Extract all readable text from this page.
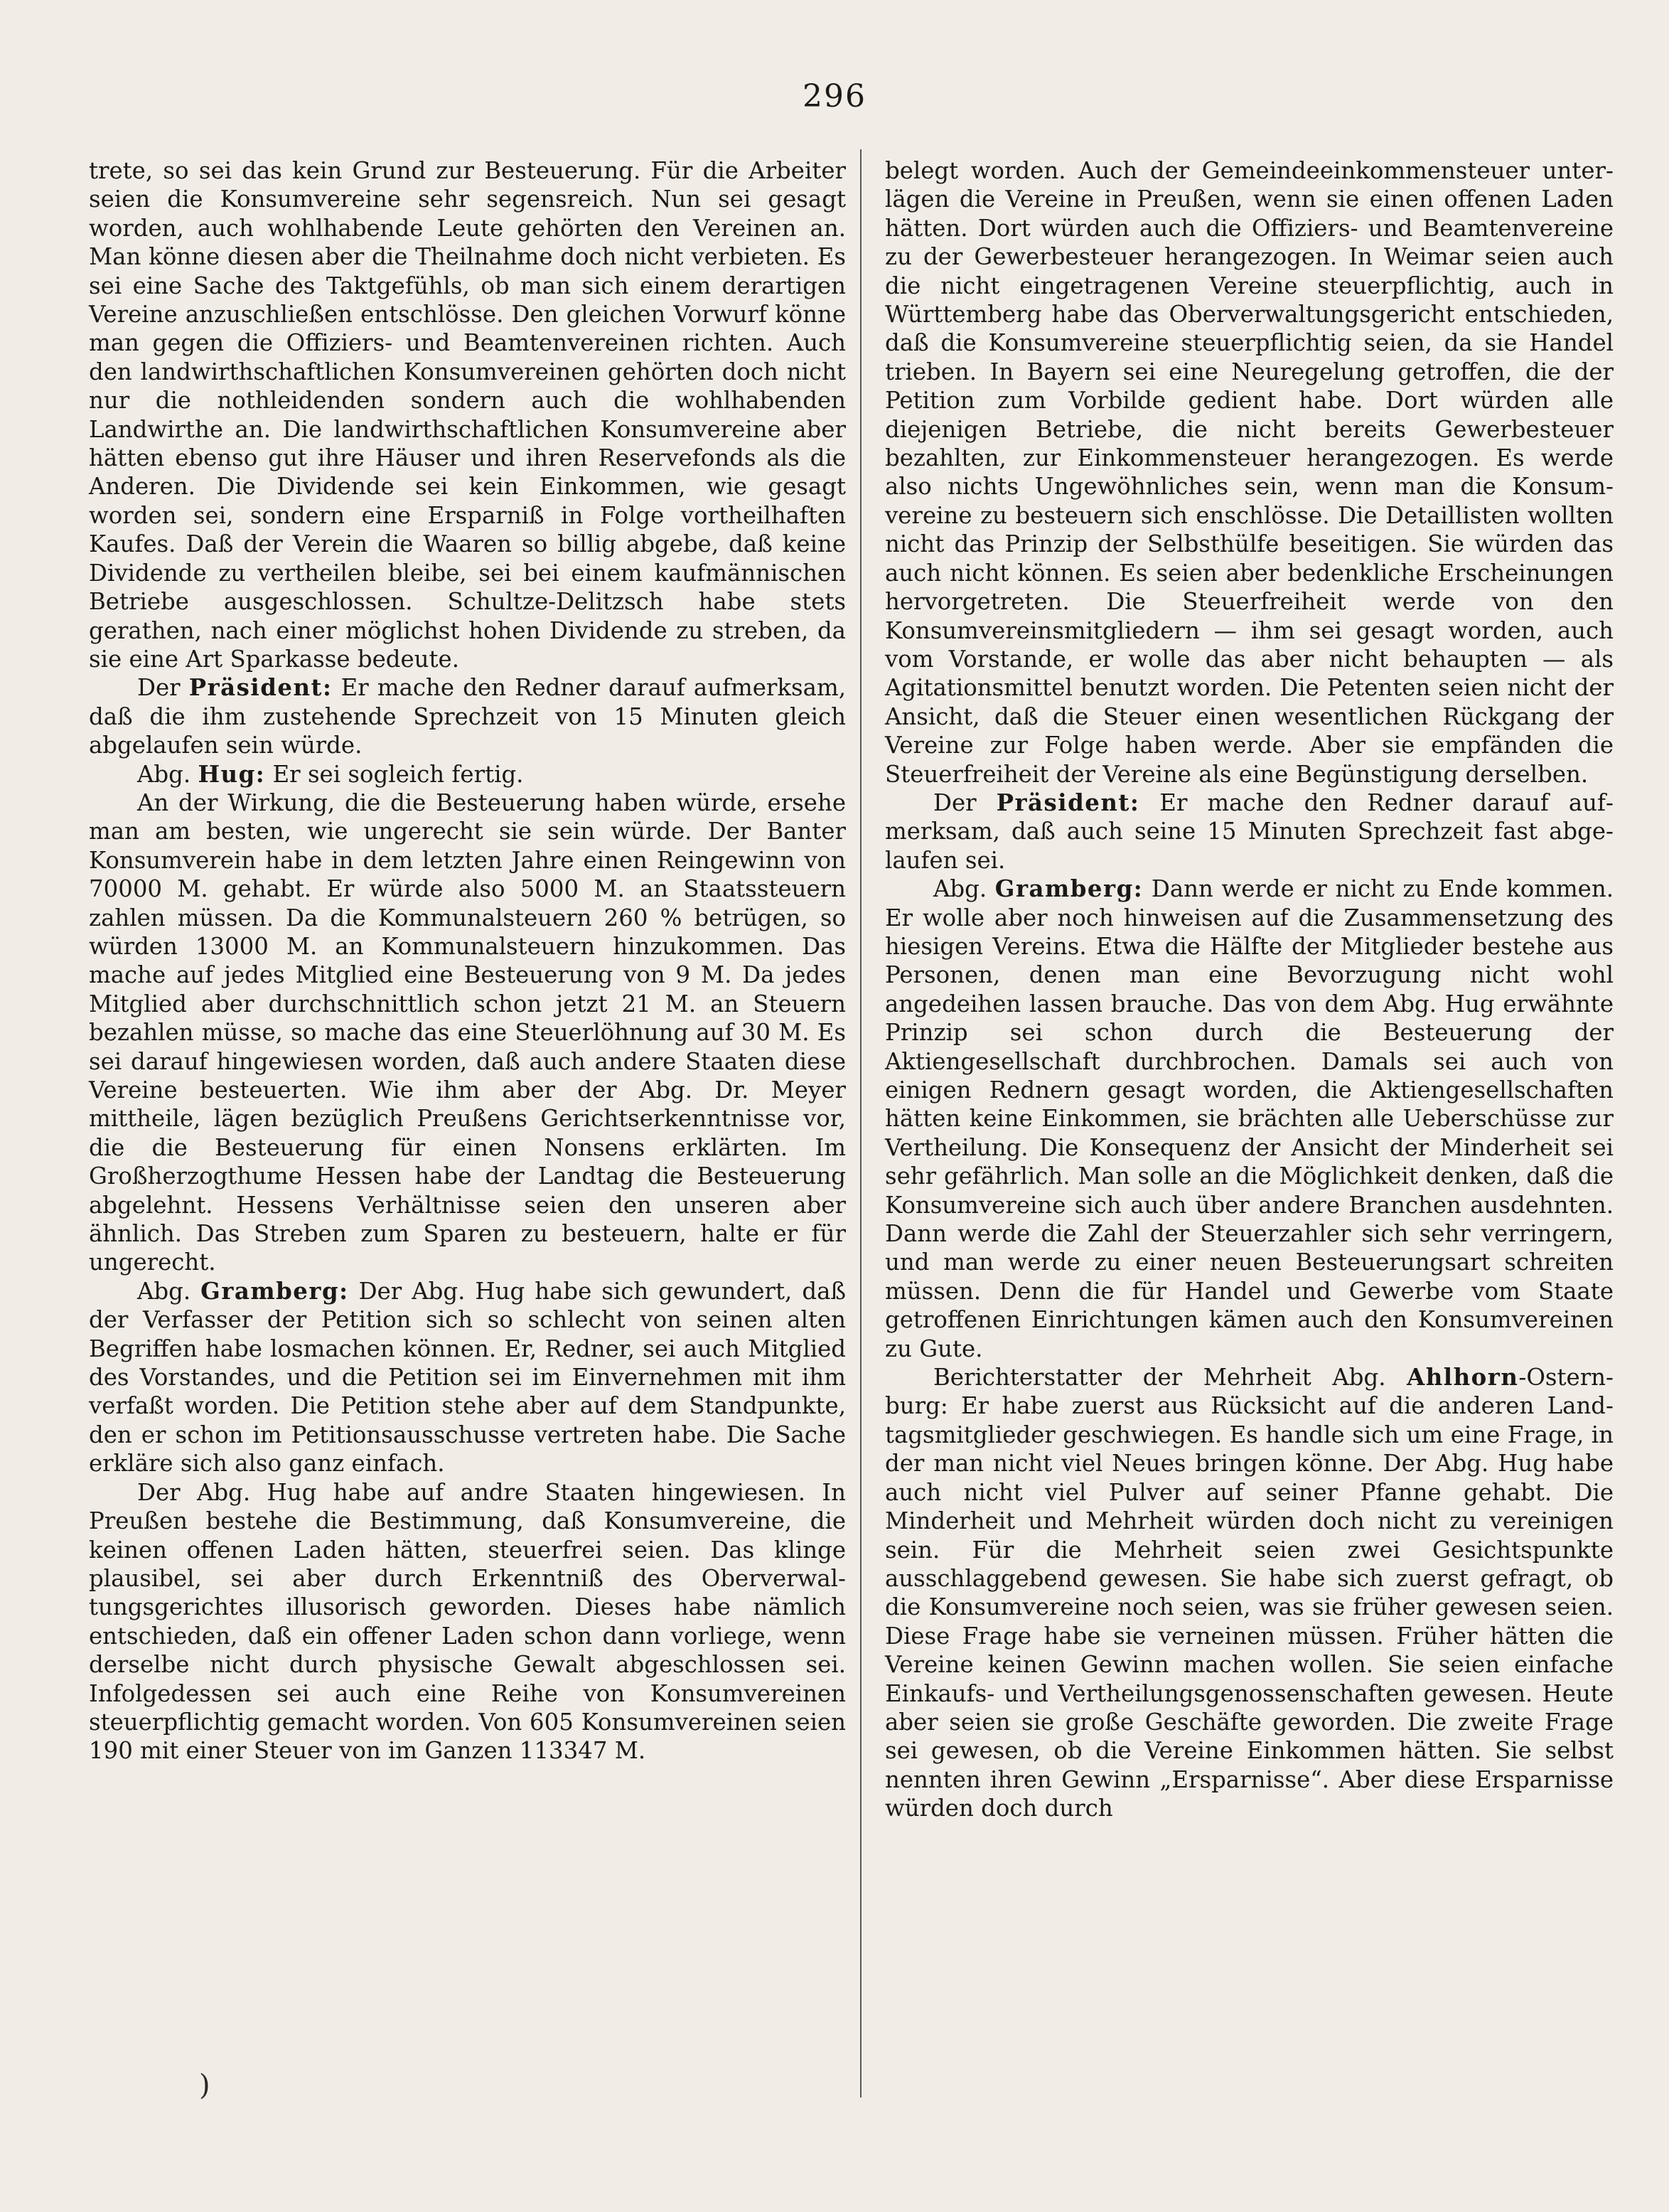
296

trete, so sei das kein Grund zur Besteuerung. Für die Arbeiter seien die Konsumvereine sehr segensreich. Nun sei gesagt worden, auch wohlhabende Leute gehörten den Vereinen an. Man könne diesen aber die Theilnahme doch nicht verbieten. Es sei eine Sache des Taktgefühls, ob man sich einem derartigen Vereine anzuschließen entschlösse. Den gleichen Vorwurf könne man gegen die Offiziers- und Beamtenvereinen richten. Auch den landwirthschaftlichen Konsumvereinen gehörten doch nicht nur die nothleidenden sondern auch die wohlhabenden Landwirthe an. Die landwirthschaftlichen Konsumvereine aber hätten ebenso gut ihre Häuser und ihren Reservefonds als die Anderen. Die Dividende sei kein Einkommen, wie gesagt worden sei, sondern eine Ersparniß in Folge vortheilhaften Kaufes. Daß der Verein die Waaren so billig abgebe, daß keine Dividende zu vertheilen bleibe, sei bei einem kaufmännischen Betriebe ausgeschlossen. Schultze-Delitzsch habe stets gerathen, nach einer möglichst hohen Dividende zu streben, da sie eine Art Sparkasse bedeute.

Der Präsident: Er mache den Redner darauf aufmerksam, daß die ihm zustehende Sprechzeit von 15 Minuten gleich abgelaufen sein würde.

Abg. Hug: Er sei sogleich fertig.

An der Wirkung, die die Besteuerung haben würde, ersehe man am besten, wie ungerecht sie sein würde. Der Banter Konsumverein habe in dem letzten Jahre einen Reingewinn von 70000 M. gehabt. Er würde also 5000 M. an Staatssteuern zahlen müssen. Da die Kommunalsteuern 260 % betrügen, so würden 13000 M. an Kommunalsteuern hinzukommen. Das mache auf jedes Mitglied eine Besteuerung von 9 M. Da jedes Mitglied aber durchschnittlich schon jetzt 21 M. an Steuern bezahlen müsse, so mache das eine Steuerlöhnung auf 30 M. Es sei darauf hingewiesen worden, daß auch andere Staaten diese Vereine besteuerten. Wie ihm aber der Abg. Dr. Meyer mittheile, lägen bezüglich Preußens Gerichtserkenntnisse vor, die die Besteuerung für einen Nonsens erklärten. Im Großherzogthume Hessen habe der Landtag die Besteuerung abgelehnt. Hessens Verhältnisse seien den unseren aber ähnlich. Das Streben zum Sparen zu besteuern, halte er für ungerecht.

Abg. Gramberg: Der Abg. Hug habe sich gewundert, daß der Verfasser der Petition sich so schlecht von seinen alten Begriffen habe losmachen können. Er, Redner, sei auch Mitglied des Vorstandes, und die Petition sei im Einvernehmen mit ihm verfaßt worden. Die Petition stehe aber auf dem Standpunkte, den er schon im Petitionsausschusse vertreten habe. Die Sache erkläre sich also ganz einfach.

Der Abg. Hug habe auf andre Staaten hingewiesen. In Preußen bestehe die Bestimmung, daß Konsumvereine, die keinen offenen Laden hätten, steuerfrei seien. Das klinge plausibel, sei aber durch Erkenntniß des Oberverwaltungsgerichtes illusorisch geworden. Dieses habe nämlich entschieden, daß ein offener Laden schon dann vorliege, wenn derselbe nicht durch physische Gewalt abgeschlossen sei. Infolgedessen sei auch eine Reihe von Konsumvereinen steuerpflichtig gemacht worden. Von 605 Konsumvereinen seien 190 mit einer Steuer von im Ganzen 113347 M.

belegt worden. Auch der Gemeindeeinkommensteuer unterlägen die Vereine in Preußen, wenn sie einen offenen Laden hätten. Dort würden auch die Offiziers- und Beamtenvereine zu der Gewerbesteuer herangezogen. In Weimar seien auch die nicht eingetragenen Vereine steuerpflichtig, auch in Württemberg habe das Oberverwaltungsgericht entschieden, daß die Konsumvereine steuerpflichtig seien, da sie Handel trieben. In Bayern sei eine Neuregelung getroffen, die der Petition zum Vorbilde gedient habe. Dort würden alle diejenigen Betriebe, die nicht bereits Gewerbesteuer bezahlten, zur Einkommensteuer herangezogen. Es werde also nichts Ungewöhnliches sein, wenn man die Konsumvereine zu besteuern sich enschlösse. Die Detaillisten wollten nicht das Prinzip der Selbsthülfe beseitigen. Sie würden das auch nicht können. Es seien aber bedenkliche Erscheinungen hervorgetreten. Die Steuerfreiheit werde von den Konsumvereinsmitgliedern — ihm sei gesagt worden, auch vom Vorstande, er wolle das aber nicht behaupten — als Agitationsmittel benutzt worden. Die Petenten seien nicht der Ansicht, daß die Steuer einen wesentlichen Rückgang der Vereine zur Folge haben werde. Aber sie empfänden die Steuerfreiheit der Vereine als eine Begünstigung derselben.

Der Präsident: Er mache den Redner darauf aufmerksam, daß auch seine 15 Minuten Sprechzeit fast abgelaufen sei.

Abg. Gramberg: Dann werde er nicht zu Ende kommen. Er wolle aber noch hinweisen auf die Zusammensetzung des hiesigen Vereins. Etwa die Hälfte der Mitglieder bestehe aus Personen, denen man eine Bevorzugung nicht wohl angedeihen lassen brauche. Das von dem Abg. Hug erwähnte Prinzip sei schon durch die Besteuerung der Aktiengesellschaft durchbrochen. Damals sei auch von einigen Rednern gesagt worden, die Aktiengesellschaften hätten keine Einkommen, sie brächten alle Ueberschüsse zur Vertheilung. Die Konsequenz der Ansicht der Minderheit sei sehr gefährlich. Man solle an die Möglichkeit denken, daß die Konsumvereine sich auch über andere Branchen ausdehnten. Dann werde die Zahl der Steuerzahler sich sehr verringern, und man werde zu einer neuen Besteuerungsart schreiten müssen. Denn die für Handel und Gewerbe vom Staate getroffenen Einrichtungen kämen auch den Konsumvereinen zu Gute.

Berichterstatter der Mehrheit Abg. Ahlhorn-Osternburg: Er habe zuerst aus Rücksicht auf die anderen Landtagsmitglieder geschwiegen. Es handle sich um eine Frage, in der man nicht viel Neues bringen könne. Der Abg. Hug habe auch nicht viel Pulver auf seiner Pfanne gehabt. Die Minderheit und Mehrheit würden doch nicht zu vereinigen sein. Für die Mehrheit seien zwei Gesichtspunkte ausschlaggebend gewesen. Sie habe sich zuerst gefragt, ob die Konsumvereine noch seien, was sie früher gewesen seien. Diese Frage habe sie verneinen müssen. Früher hätten die Vereine keinen Gewinn machen wollen. Sie seien einfache Einkaufs- und Vertheilungsgenossenschaften gewesen. Heute aber seien sie große Geschäfte geworden. Die zweite Frage sei gewesen, ob die Vereine Einkommen hätten. Sie selbst nennten ihren Gewinn „Ersparnisse“. Aber diese Ersparnisse würden doch durch

)
